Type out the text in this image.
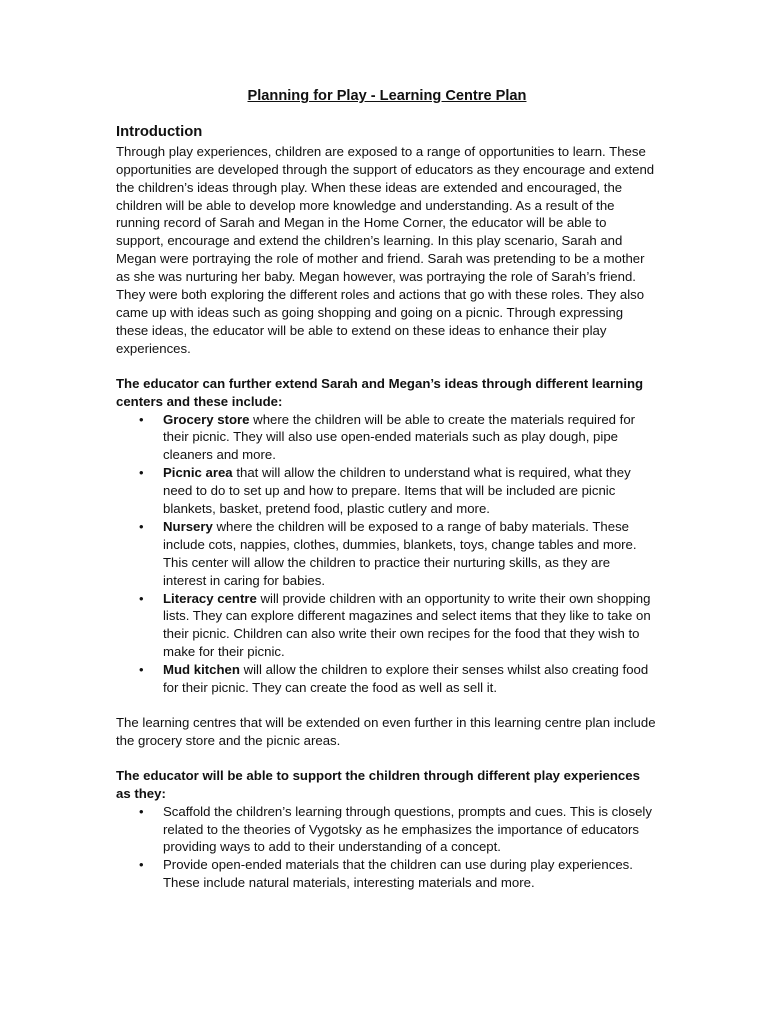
Planning for Play - Learning Centre Plan
Introduction

Through play experiences, children are exposed to a range of opportunities to learn. These opportunities are developed through the support of educators as they encourage and extend the children’s ideas through play. When these ideas are extended and encouraged, the children will be able to develop more knowledge and understanding. As a result of the running record of Sarah and Megan in the Home Corner, the educator will be able to support, encourage and extend the children’s learning. In this play scenario, Sarah and Megan were portraying the role of mother and friend. Sarah was pretending to be a mother as she was nurturing her baby. Megan however, was portraying the role of Sarah’s friend. They were both exploring the different roles and actions that go with these roles. They also came up with ideas such as going shopping and going on a picnic. Through expressing these ideas, the educator will be able to extend on these ideas to enhance their play experiences.

The educator can further extend Sarah and Megan’s ideas through different learning centers and these include:

• Grocery store where the children will be able to create the materials required for their picnic. They will also use open-ended materials such as play dough, pipe cleaners and more.
• Picnic area that will allow the children to understand what is required, what they need to do to set up and how to prepare. Items that will be included are picnic blankets, basket, pretend food, plastic cutlery and more.
• Nursery where the children will be exposed to a range of baby materials. These include cots, nappies, clothes, dummies, blankets, toys, change tables and more. This center will allow the children to practice their nurturing skills, as they are interest in caring for babies.
• Literacy centre will provide children with an opportunity to write their own shopping lists. They can explore different magazines and select items that they like to take on their picnic. Children can also write their own recipes for the food that they wish to make for their picnic.
• Mud kitchen will allow the children to explore their senses whilst also creating food for their picnic. They can create the food as well as sell it.

The learning centres that will be extended on even further in this learning centre plan include the grocery store and the picnic areas.

The educator will be able to support the children through different play experiences as they:

• Scaffold the children’s learning through questions, prompts and cues. This is closely related to the theories of Vygotsky as he emphasizes the importance of educators providing ways to add to their understanding of a concept.
• Provide open-ended materials that the children can use during play experiences. These include natural materials, interesting materials and more.
